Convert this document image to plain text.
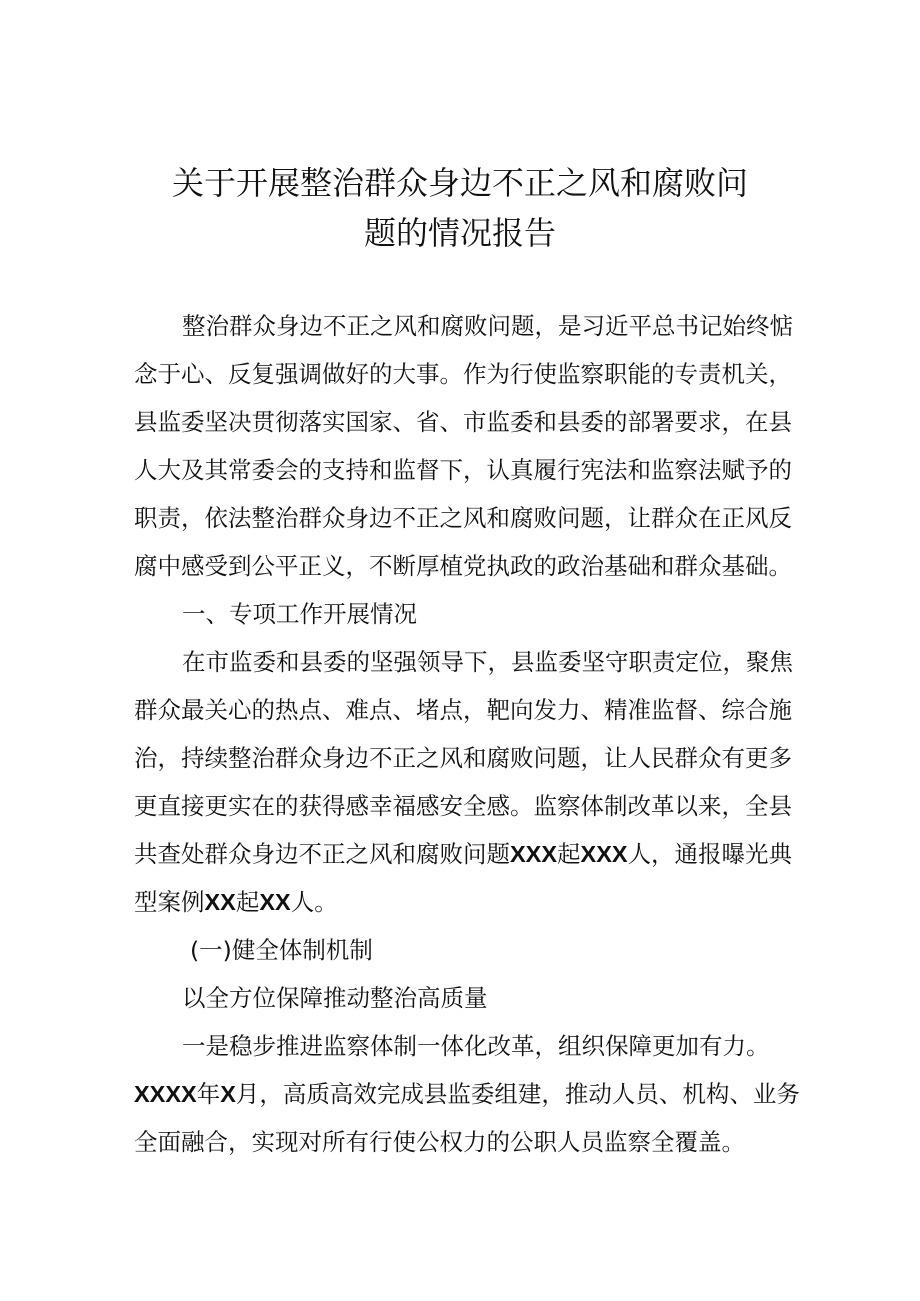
关于开展整治群众身边不正之风和腐败问
题的情况报告
整治群众身边不正之风和腐败问题，是习近平总书记始终惦
念于心、反复强调做好的大事。作为行使监察职能的专责机关，
县监委坚决贯彻落实国家、省、市监委和县委的部署要求，在县
人大及其常委会的支持和监督下，认真履行宪法和监察法赋予的
职责，依法整治群众身边不正之风和腐败问题，让群众在正风反
腐中感受到公平正义，不断厚植党执政的政治基础和群众基础。
一、专项工作开展情况
在市监委和县委的坚强领导下，县监委坚守职责定位，聚焦
群众最关心的热点、难点、堵点，靶向发力、精准监督、综合施
治，持续整治群众身边不正之风和腐败问题，让人民群众有更多
更直接更实在的获得感幸福感安全感。监察体制改革以来，全县
共查处群众身边不正之风和腐败问题XXX起XXX人，通报曝光典
型案例XX起XX人。
(一)健全体制机制
以全方位保障推动整治高质量
一是稳步推进监察体制一体化改革，组织保障更加有力。
XXXX年X月，高质高效完成县监委组建，推动人员、机构、业务
全面融合，实现对所有行使公权力的公职人员监察全覆盖。
